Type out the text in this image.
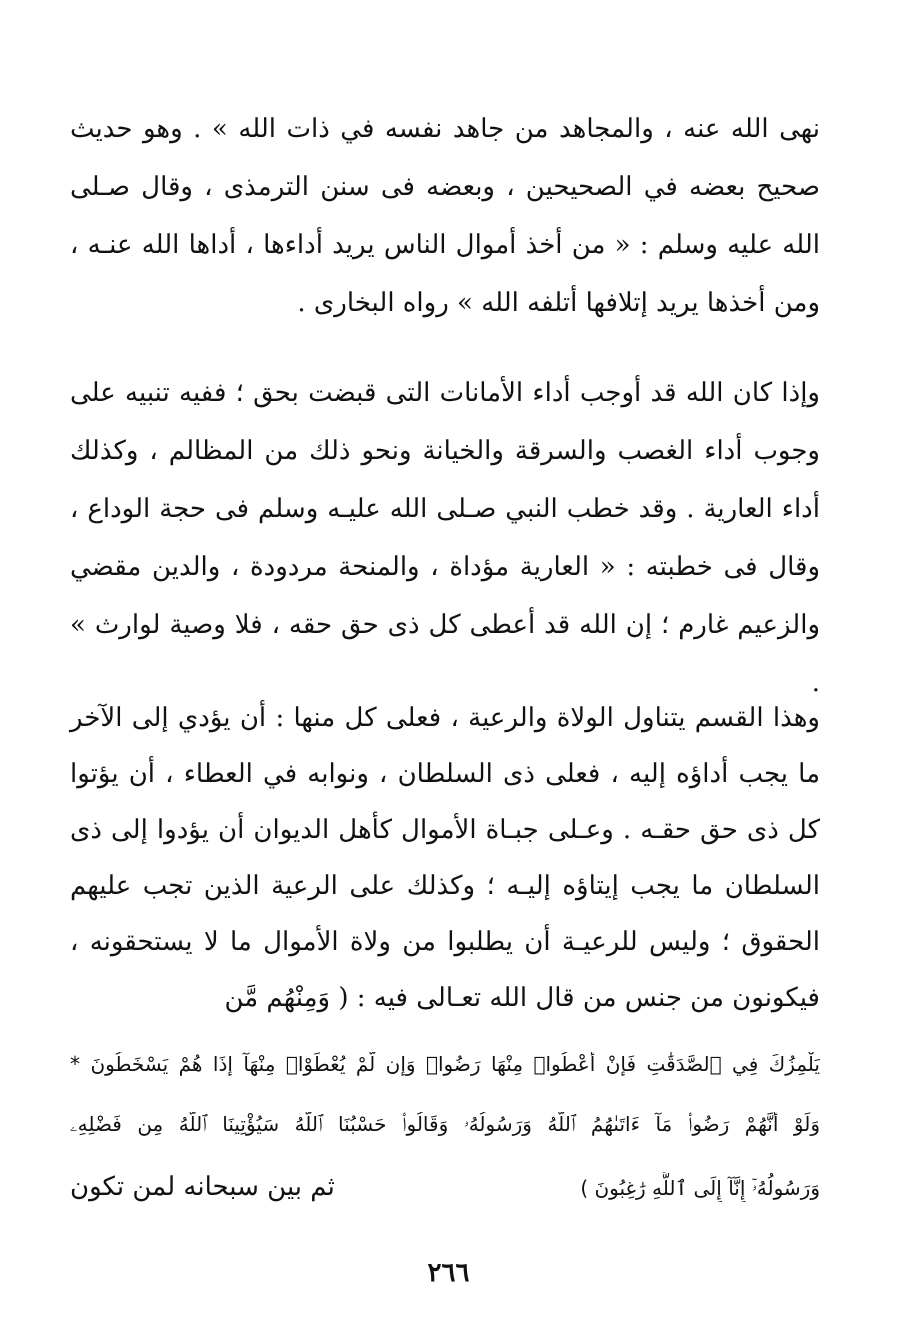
نهى الله عنه ، والمجاهد من جاهد نفسه في ذات الله » . وهو حديث صحيح بعضه في الصحيحين ، وبعضه فى سنن الترمذى ، وقال صـلى الله عليه وسلم : « من أخذ أموال الناس يريد أداءها ، أداها الله عنـه ، ومن أخذها يريد إتلافها أتلفه الله » رواه البخارى .

وإذا كان الله قد أوجب أداء الأمانات التى قبضت بحق ؛ ففيه تنبيه على وجوب أداء الغصب والسرقة والخيانة ونحو ذلك من المظالم ، وكذلك أداء العارية . وقد خطب النبي صـلى الله عليـه وسلم فى حجة الوداع ، وقال فى خطبته : « العارية مؤداة ، والمنحة مردودة ، والدين مقضي والزعيم غارم ؛ إن الله قد أعطى كل ذى حق حقه ، فلا وصية لوارث » .

وهذا القسم يتناول الولاة والرعية ، فعلى كل منها : أن يؤدي إلى الآخر ما يجب أداؤه إليه ، فعلى ذى السلطان ، ونوابه في العطاء ، أن يؤتوا كل ذى حق حقـه . وعـلى جبـاة الأموال كأهل الديوان أن يؤدوا إلى ذى السلطان ما يجب إيتاؤه إليـه ؛ وكذلك على الرعية الذين تجب عليهم الحقوق ؛ وليس للرعيـة أن يطلبوا من ولاة الأموال ما لا يستحقونه ، فيكونون من جنس من قال الله تعـالى فيه : ( وَمِنْهُم مَّن

يَلْمِزُكَ فِي ٱلصَّدَقَٰتِ فَإِنْ أُعْطُوا۟ مِنْهَا رَضُوا۟ وَإِن لَّمْ يُعْطَوْا۟ مِنْهَآ إِذَا هُمْ يَسْخَطُونَ *
وَلَوْ أَنَّهُمْ رَضُوا۟ مَآ ءَاتَىٰهُمُ ٱللَّهُ وَرَسُولُهُۥ وَقَالُوا۟ حَسْبُنَا ٱللَّهُ سَيُؤْتِينَا ٱللَّهُ مِن فَضْلِهِۦ
وَرَسُولُهُۥٓ إِنَّآ إِلَى ٱللَّهِ رَٰغِبُونَ )
ثم بين سبحانه لمن تكون
٢٦٦
